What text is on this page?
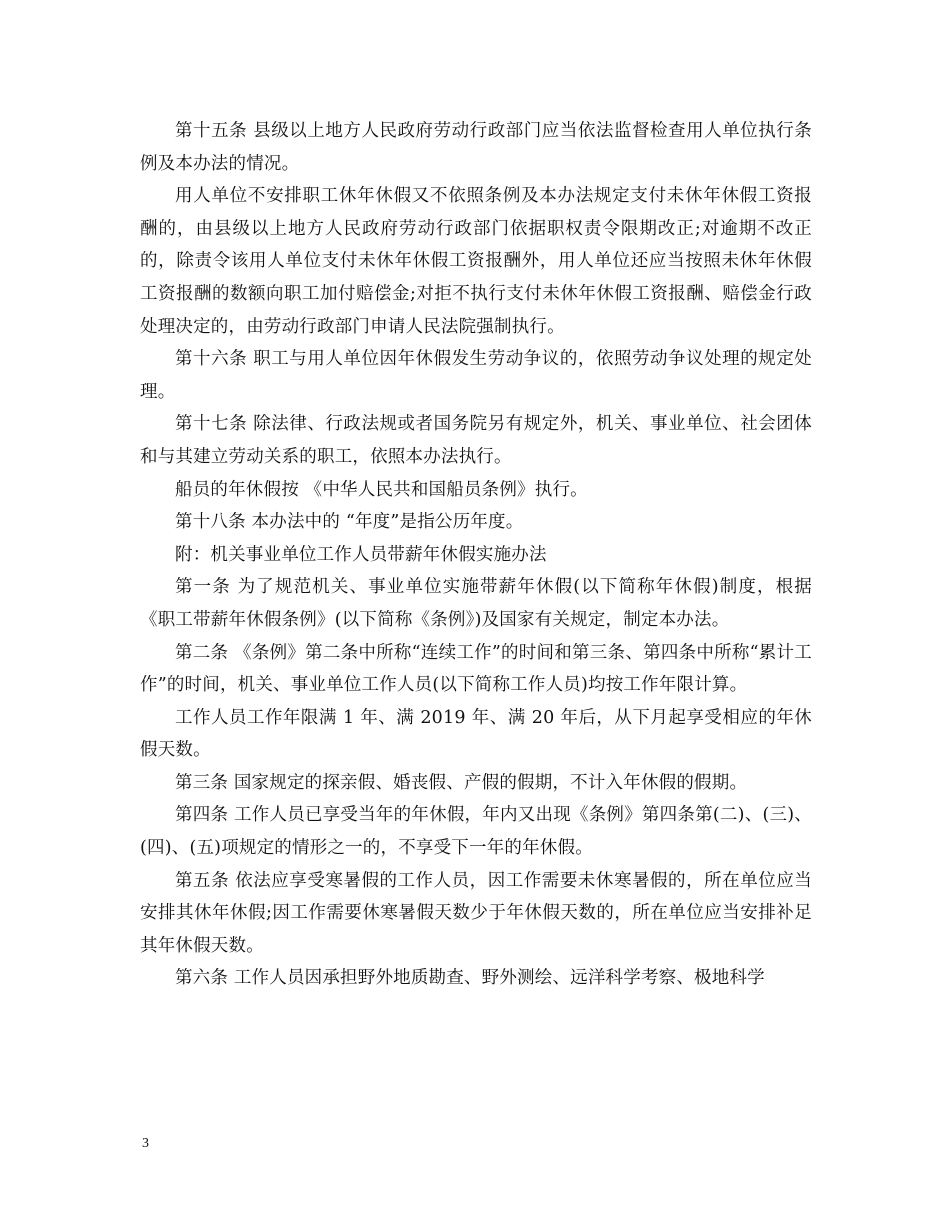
第十五条 县级以上地方人民政府劳动行政部门应当依法监督检查用人单位执行条例及本办法的情况。

用人单位不安排职工休年休假又不依照条例及本办法规定支付未休年休假工资报酬的，由县级以上地方人民政府劳动行政部门依据职权责令限期改正;对逾期不改正的，除责令该用人单位支付未休年休假工资报酬外，用人单位还应当按照未休年休假工资报酬的数额向职工加付赔偿金;对拒不执行支付未休年休假工资报酬、赔偿金行政处理决定的，由劳动行政部门申请人民法院强制执行。

第十六条 职工与用人单位因年休假发生劳动争议的，依照劳动争议处理的规定处理。

第十七条 除法律、行政法规或者国务院另有规定外，机关、事业单位、社会团体和与其建立劳动关系的职工，依照本办法执行。

船员的年休假按 《中华人民共和国船员条例》执行。

第十八条 本办法中的 “年度”是指公历年度。

附：机关事业单位工作人员带薪年休假实施办法

第一条 为了规范机关、事业单位实施带薪年休假(以下简称年休假)制度，根据《职工带薪年休假条例》(以下简称《条例》)及国家有关规定，制定本办法。

第二条 《条例》第二条中所称“连续工作”的时间和第三条、第四条中所称“累计工作”的时间，机关、事业单位工作人员(以下简称工作人员)均按工作年限计算。

工作人员工作年限满 1 年、满 2019 年、满 20 年后，从下月起享受相应的年休假天数。

第三条 国家规定的探亲假、婚丧假、产假的假期，不计入年休假的假期。

第四条 工作人员已享受当年的年休假，年内又出现《条例》第四条第(二)、(三)、(四)、(五)项规定的情形之一的，不享受下一年的年休假。

第五条 依法应享受寒暑假的工作人员，因工作需要未休寒暑假的，所在单位应当安排其休年休假;因工作需要休寒暑假天数少于年休假天数的，所在单位应当安排补足其年休假天数。

第六条 工作人员因承担野外地质勘查、野外测绘、远洋科学考察、极地科学

3
